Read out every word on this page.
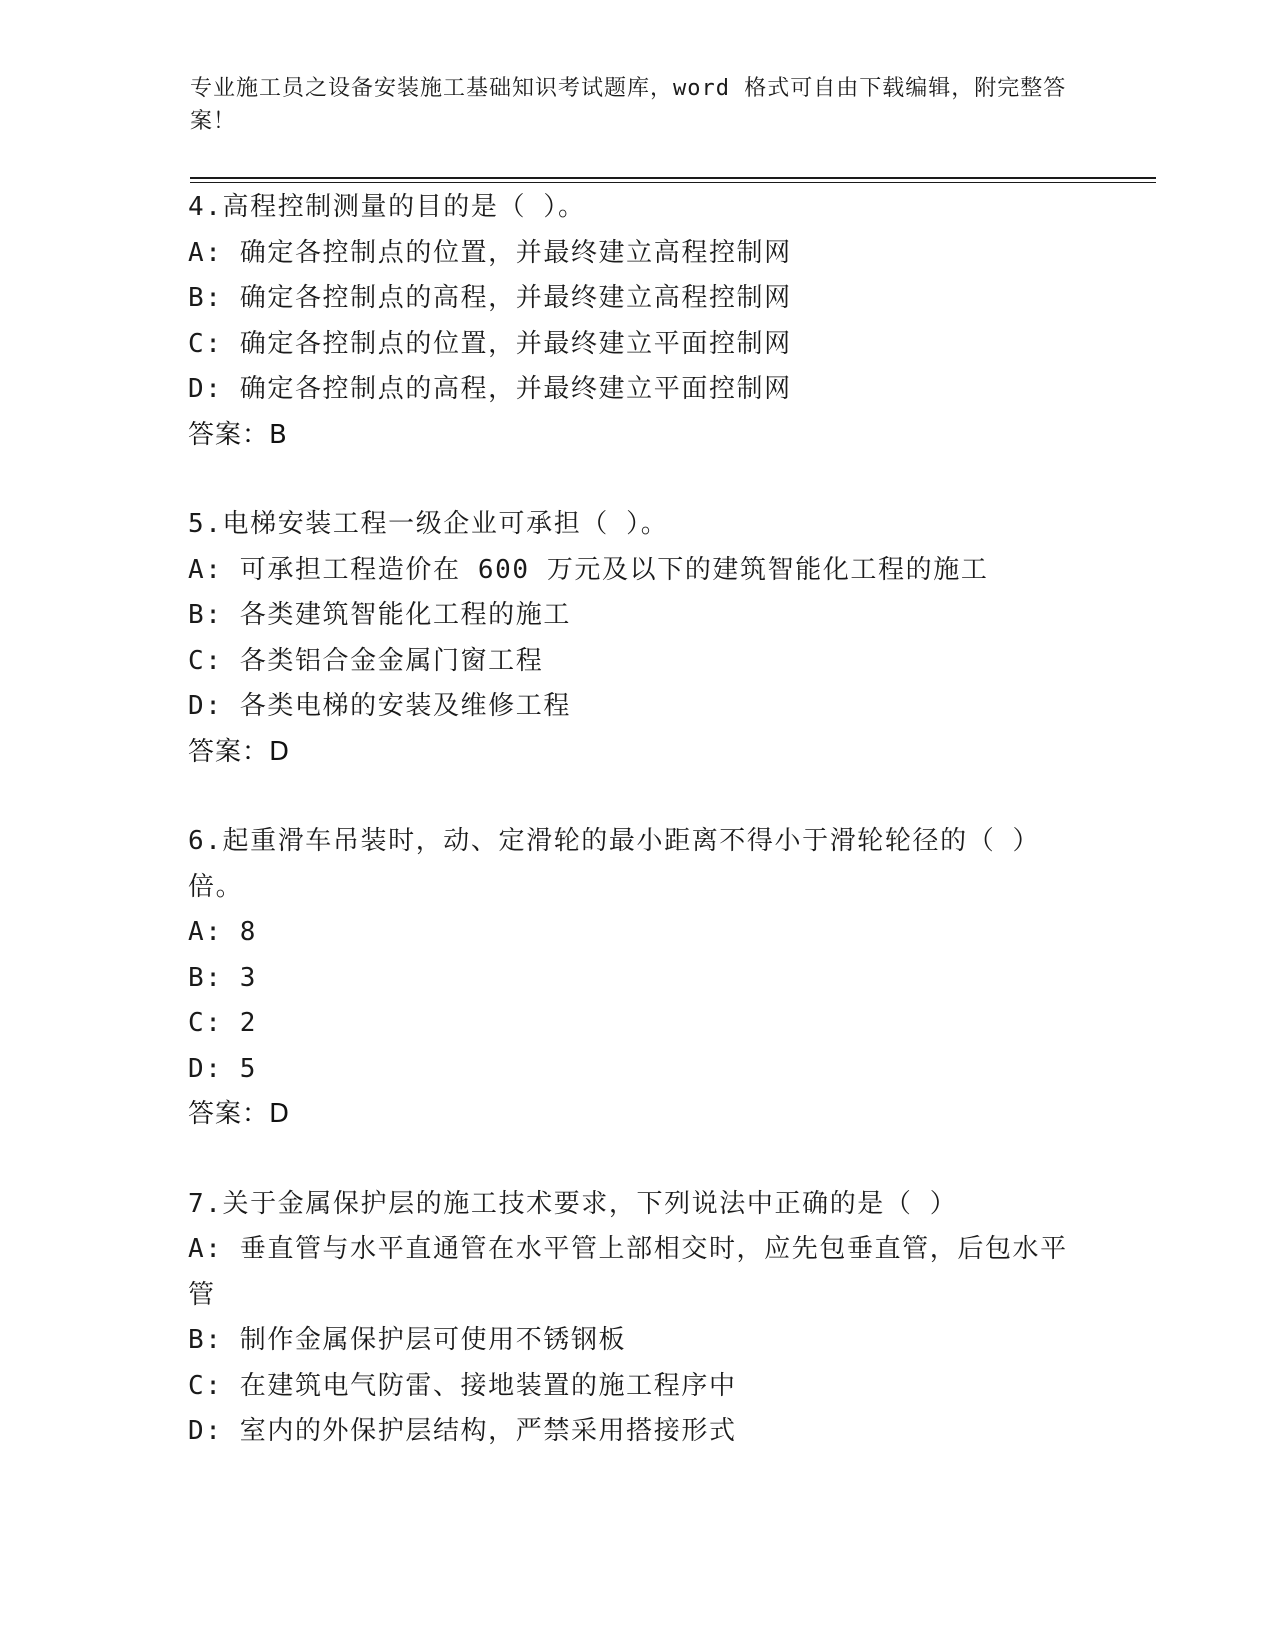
专业施工员之设备安装施工基础知识考试题库，word 格式可自由下载编辑，附完整答案！
4.高程控制测量的目的是（ ）。
A: 确定各控制点的位置，并最终建立高程控制网
B: 确定各控制点的高程，并最终建立高程控制网
C: 确定各控制点的位置，并最终建立平面控制网
D: 确定各控制点的高程，并最终建立平面控制网
答案：B
5.电梯安装工程一级企业可承担（ ）。
A: 可承担工程造价在 600 万元及以下的建筑智能化工程的施工
B: 各类建筑智能化工程的施工
C: 各类铝合金金属门窗工程
D: 各类电梯的安装及维修工程
答案：D
6.起重滑车吊装时，动、定滑轮的最小距离不得小于滑轮轮径的（ ）倍。
A: 8
B: 3
C: 2
D: 5
答案：D
7.关于金属保护层的施工技术要求，下列说法中正确的是（ ）
A: 垂直管与水平直通管在水平管上部相交时，应先包垂直管，后包水平管
B: 制作金属保护层可使用不锈钢板
C: 在建筑电气防雷、接地装置的施工程序中
D: 室内的外保护层结构，严禁采用搭接形式
